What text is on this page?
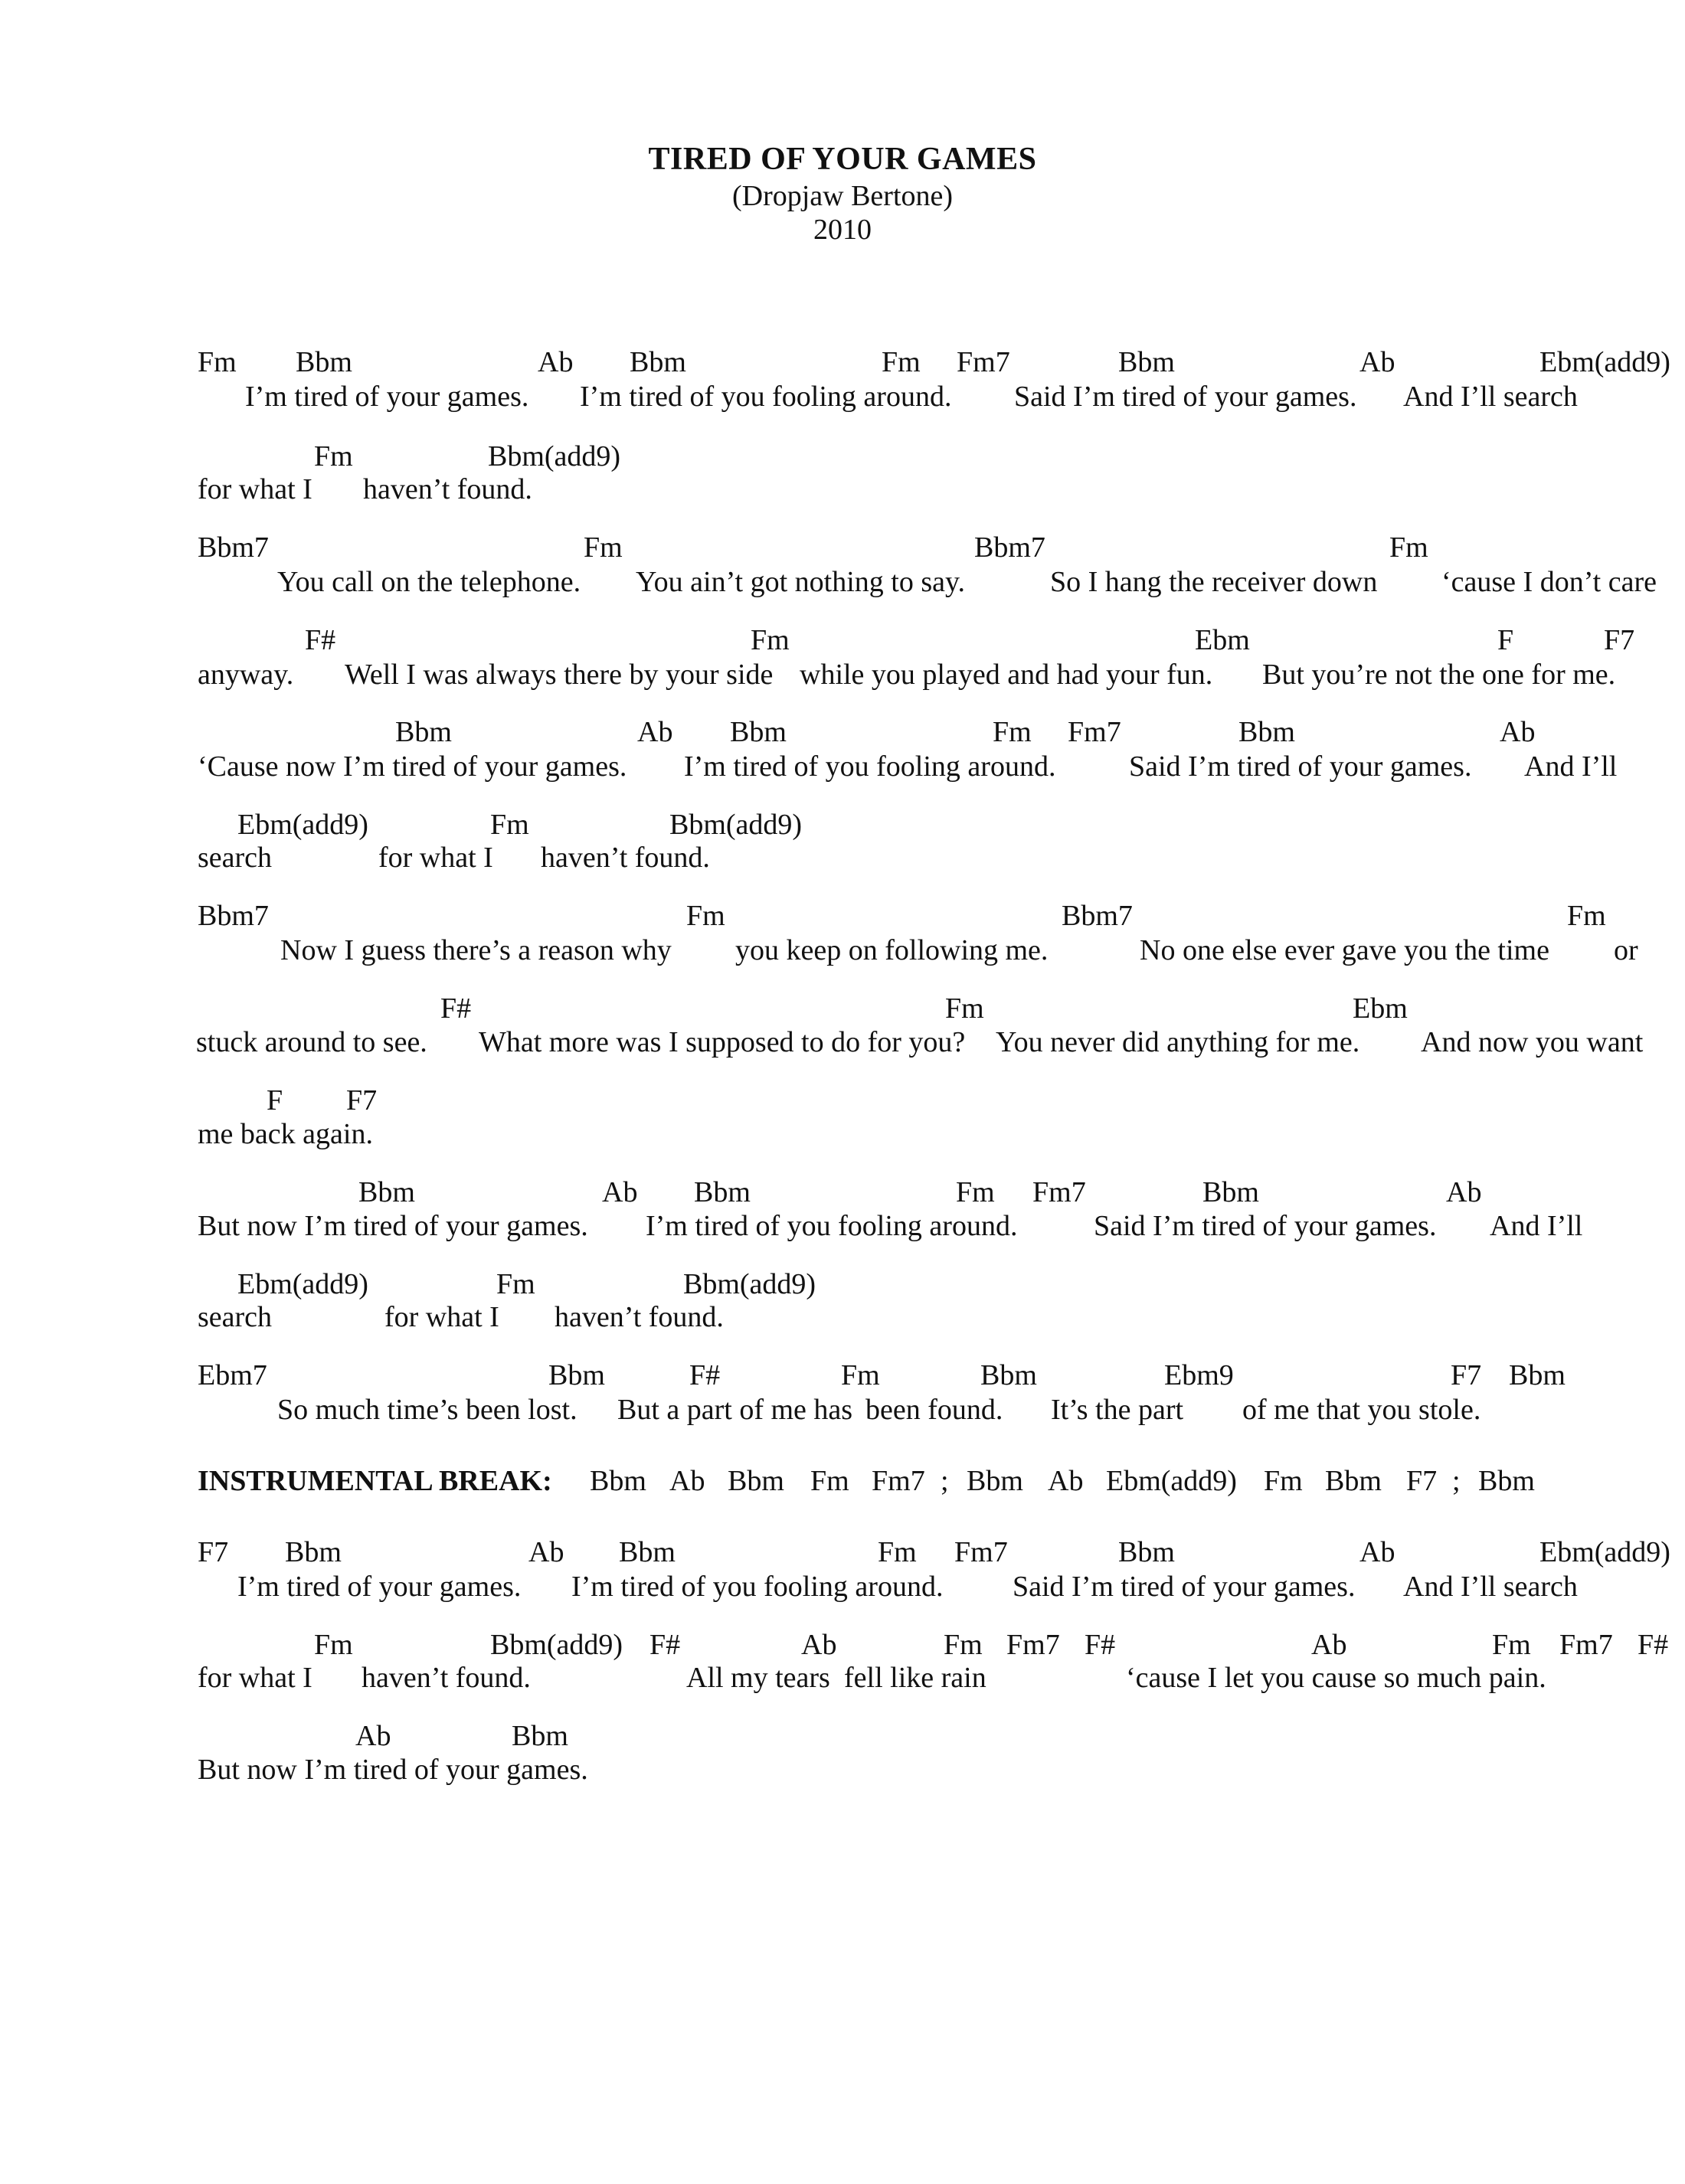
TIRED OF YOUR GAMES
(Dropjaw Bertone)
2010
Fm Bbm	Ab Bbm	Fm Fm7	Bbm	Ab	Ebm(add9)
I’m tired of your games. I’m tired of you fooling around. Said I’m tired of your games. And I’ll search
Fm	Bbm(add9)
for what I haven’t found.
Bbm7	Fm	Bbm7	Fm
You call on the telephone. You ain’t got nothing to say.	So I hang the receiver down ‘cause I don’t care
F#	Fm	Ebm	F	F7
anyway. Well I was always there by your side while you played and had your fun. But you’re not the one for me.
Bbm	Ab Bbm	Fm Fm7	Bbm	Ab
‘Cause now I’m tired of your games. I’m tired of you fooling around.	Said I’m tired of your games. And I’ll
Ebm(add9)	Fm	Bbm(add9)
search	for what I haven’t found.
Bbm7	Fm	Bbm7	Fm
Now I guess there’s a reason why you keep on following me.	No one else ever gave you the time or
F#	Fm	Ebm
stuck around to see. What more was I supposed to do for you? You never did anything for me. And now you want
F F7
me back again.
Bbm	Ab Bbm	Fm Fm7	Bbm	Ab
But now I’m tired of your games. I’m tired of you fooling around.	Said I’m tired of your games. And I’ll
Ebm(add9)	Fm	Bbm(add9)
search	for what I haven’t found.
Ebm7	Bbm	F#	Fm	Bbm	Ebm9	F7 Bbm
So much time’s been lost. But a part of me has been found. It’s the part of me that you stole.
INSTRUMENTAL BREAK: Bbm Ab Bbm Fm Fm7 ; Bbm Ab Ebm(add9) Fm Bbm F7 ; Bbm
F7 Bbm	Ab Bbm	Fm Fm7	Bbm	Ab	Ebm(add9)
I’m tired of your games. I’m tired of you fooling around. Said I’m tired of your games. And I’ll search
Fm	Bbm(add9) F#	Ab	Fm Fm7 F#	Ab	Fm Fm7 F#
for what I haven’t found.	All my tears fell like rain	‘cause I let you cause so much pain.
Ab	Bbm
But now I’m tired of your games.
